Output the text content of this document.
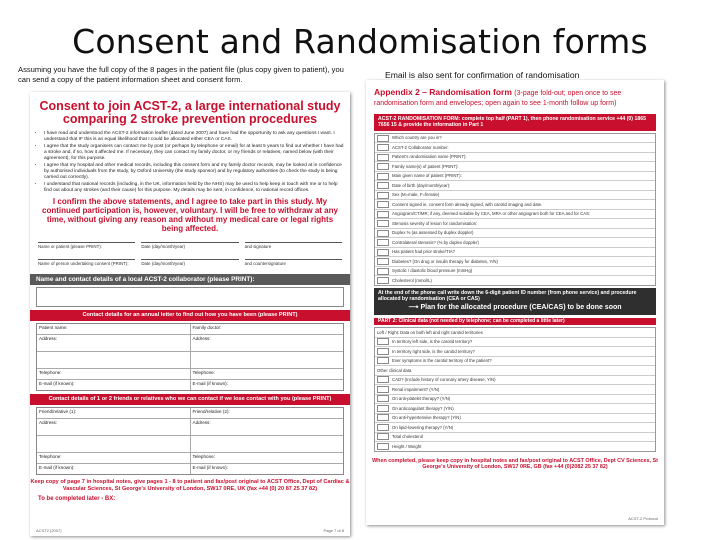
Consent and Randomisation forms
Assuming you have the full copy of the 8 pages in the patient file (plus copy given to patient), you can send a copy of the patient information sheet and consent form.	Email is also sent for confirmation of randomisation
Consent to join ACST-2, a large international study comparing 2 stroke prevention procedures
• I have read and understood the ACST-2 information leaflet (dated June 2007) and have had the opportunity to ask any questions I want. I understand that IF this is an equal likelihood that I could be allocated either CEA or CAS.
• I agree that the study organisers can contact me by post (or perhaps by telephone or email) for at least 5 years to find out whether I have had a stroke and, if so, how it affected me. If necessary, they can contact my family doctor, or my friends or relatives, named below (with their agreement), for this purpose.
• I agree that my hospital and other medical records, including this consent form and my family doctor records, may be looked at in confidence by authorised individuals from the study, by Oxford University (the study sponsor) and by regulatory authorities (to check the study is being carried out correctly).
• I understand that national records (including, in the UK, information held by the NHS) may be used to help keep in touch with me or to help find out about any strokes (and their cause) for this purpose. My details may be sent, in confidence, to national record offices.
I confirm the above statements, and I agree to take part in this study. My continued participation is, however, voluntary. I will be free to withdraw at any time, without giving any reason and without my medical care or legal rights being affected.
Name or patient (please PRINT):	Date (day/month/year)	and signature
Name of person undertaking consent (PRINT):	Date (day/month/year)	and countersignature
Name and contact details of a local ACST-2 collaborator (please PRINT):
Contact details for an annual letter to find out how you have been (please PRINT)
Patient name:	Family doctor:
Address:	Address:
Telephone:	Telephone:
E-mail (if known):	E-mail (if known):
Contact details of 1 or 2 friends or relatives who we can contact if we lose contact with you (please PRINT)
Friend/relative (1):	Friend/relative (2):
Address:	Address:
Telephone:	Telephone:
E-mail (if known):	E-mail (if known):
Keep copy of page 7 in hospital notes, give pages 1 - 8 to patient and fax/post original to ACST Office, Dept of Cardiac & Vascular Sciences, St George's University of London, SW17 0RE, UK (fax +44 (0) 20 87 25 37 82)
To be completed later - BX:
ACST2 (2007)	Page 7 of 8
Appendix 2 – Randomisation form (3-page fold-out; open once to see randomisation form and envelopes; open again to see 1-month follow up form)
ACST-2 RANDOMISATION FORM: complete top half (PART 1), then phone randomisation service +44 (0) 1865 7656 15 & provide the information in Part 1
Which country are you in?
ACST-2 Collaborator number:
Patient's randomisation name (PRINT):
Family name(s) of patient (PRINT):
Main given name of patient (PRINT):
Date of birth (day/month/year):
Sex (M=male, F=female)
Consent signed ie, consent form already signed, with carotid imaging and date.
Angiogram/CT/MR; if any, deemed suitable by CEA, MRA or other angiogram both for CEA and for CAS:
Stenosis severity of lesion for randomisation:
Duplex % (as assessed by duplex doppler)
Contralateral stenosis? (% by duplex doppler)
Has patient had prior stroke/TIA?
Diabetes? (On drug or insulin therapy for diabetes, Y/N)
Systolic / diastolic blood pressure (mmHg)
Cholesterol (mmol/L)
At the end of the phone call write down the 6-digit patient ID number (from phone service) and procedure allocated by randomisation (CEA or CAS)
⟶ Plan for the allocated procedure (CEA/CAS) to be done soon
PART 2: Clinical data (not needed by telephone; can be completed a little later)
Left / Right: Data on both left and right carotid territories
In territory left side, is the carotid territory?
In territory right side, is the carotid territory?
Ever symptoms in the carotid territory of the patient?
Other clinical data
CAD? (Include history of coronary artery disease, Y/N)
Renal impairment? (Y/N)
On anti-platelet therapy? (Y/N)
On anticoagulant therapy? (Y/N)
On anti-hypertensive therapy? (Y/N)
On lipid-lowering therapy? (Y/N)
Total cholesterol
Height / Weight
When completed, please keep copy in hospital notes and fax/post original to ACST Office, Dept CV Sciences, St George's University of London, SW17 0RE, GB (fax +44 (0)2082 25 37 82)
ACST-2 Protocol
